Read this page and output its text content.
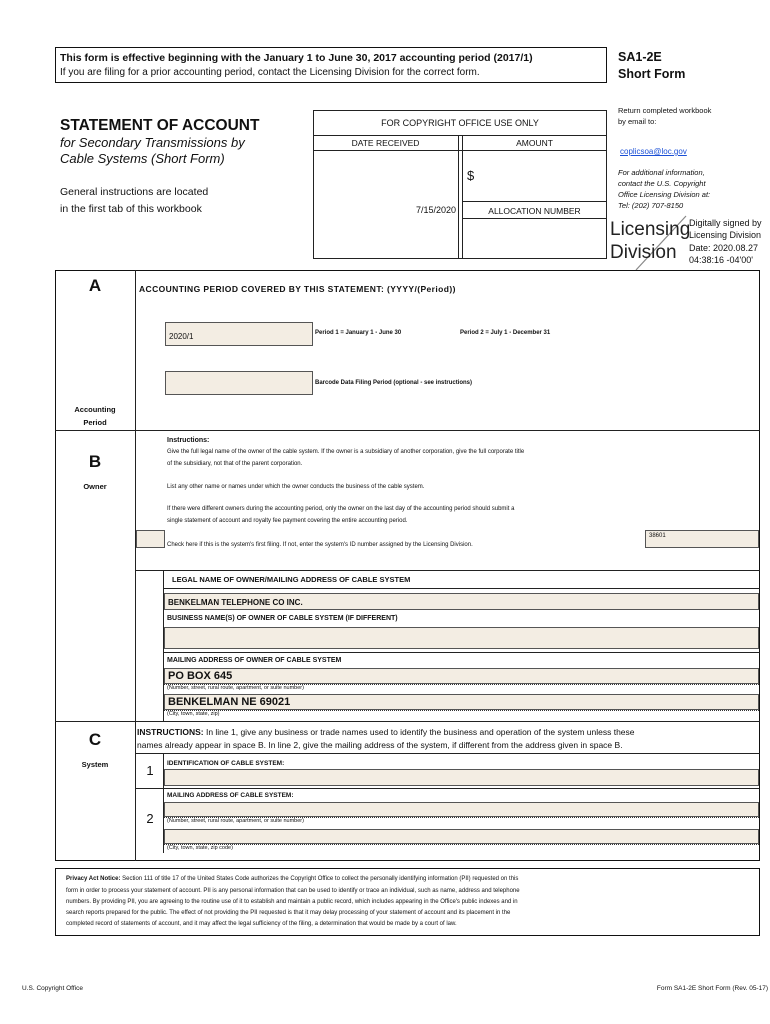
This form is effective beginning with the January 1 to June 30, 2017 accounting period (2017/1)
If you are filing for a prior accounting period, contact the Licensing Division for the correct form.
SA1-2E
Short Form
STATEMENT OF ACCOUNT
for Secondary Transmissions by
Cable Systems (Short Form)
General instructions are located
in the first tab of this workbook
FOR COPYRIGHT OFFICE USE ONLY
DATE RECEIVED	AMOUNT
$
7/15/2020	ALLOCATION NUMBER
Return completed workbook
by email to:
coplicsoa@loc.gov
For additional information,
contact the U.S. Copyright
Office Licensing Division at:
Tel: (202) 707-8150
Licensing
Division
Digitally signed by
Licensing Division
Date: 2020.08.27
04:38:16 -04'00'
A	ACCOUNTING PERIOD COVERED BY THIS STATEMENT: (YYYY/(Period))
2020/1	Period 1 = January 1 - June 30	Period 2 = July 1 - December 31
Barcode Data Filing Period (optional - see instructions)
Accounting
Period
B
Owner
Instructions:
Give the full legal name of the owner of the cable system. If the owner is a subsidiary of another corporation, give the full corporate title
of the subsidiary, not that of the parent corporation.
List any other name or names under which the owner conducts the business of the cable system.
If there were different owners during the accounting period, only the owner on the last day of the accounting period should submit a
single statement of account and royalty fee payment covering the entire accounting period.
Check here if this is the system's first filing. If not, enter the system's ID number assigned by the Licensing Division.
38601
LEGAL NAME OF OWNER/MAILING ADDRESS OF CABLE SYSTEM
BENKELMAN TELEPHONE CO INC.
BUSINESS NAME(S) OF OWNER OF CABLE SYSTEM (IF DIFFERENT)
MAILING ADDRESS OF OWNER OF CABLE SYSTEM
PO BOX 645
(Number, street, rural route, apartment, or suite number)
BENKELMAN NE 69021
(City, town, state, zip)
C
System
INSTRUCTIONS: In line 1, give any business or trade names used to identify the business and operation of the system unless these
names already appear in space B. In line 2, give the mailing address of the system, if different from the address given in space B.
1	IDENTIFICATION OF CABLE SYSTEM:
MAILING ADDRESS OF CABLE SYSTEM:
2	(Number, street, rural route, apartment, or suite number)
(City, town, state, zip code)
Privacy Act Notice: Section 111 of title 17 of the United States Code authorizes the Copyright Office to collect the personally identifying information (PII) requested on this
form in order to process your statement of account. PII is any personal information that can be used to identify or trace an individual, such as name, address and telephone
numbers. By providing PII, you are agreeing to the routine use of it to establish and maintain a public record, which includes appearing in the Office's public indexes and in
search reports prepared for the public. The effect of not providing the PII requested is that it may delay processing of your statement of account and its placement in the
completed record of statements of account, and it may affect the legal sufficiency of the filing, a determination that would be made by a court of law.
U.S. Copyright Office	Form SA1-2E Short Form (Rev. 05-17)
